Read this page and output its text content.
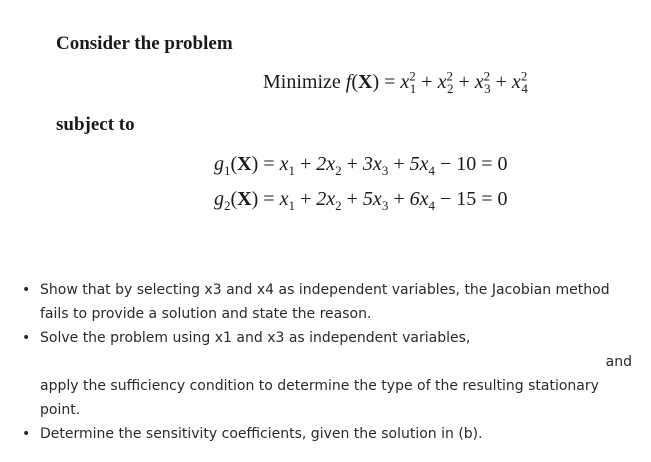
Consider the problem
Minimize $f(X) = x^2_1 + x^2_2 + x^2_3 + x^2_4$
subject to
$g_1(X) = x_1 + 2x_2 + 3x_3 + 5x_4 - 10 = 0$
$g_2(X) = x_1 + 2x_2 + 5x_3 + 6x_4 - 15 = 0$
• Show that by selecting x3 and x4 as independent variables, the Jacobian method
fails to provide a solution and state the reason.
• Solve the problem using x1 and x3 as independent variables,
and
apply the sufficiency condition to determine the type of the resulting stationary
point.
• Determine the sensitivity coefficients, given the solution in (b).
